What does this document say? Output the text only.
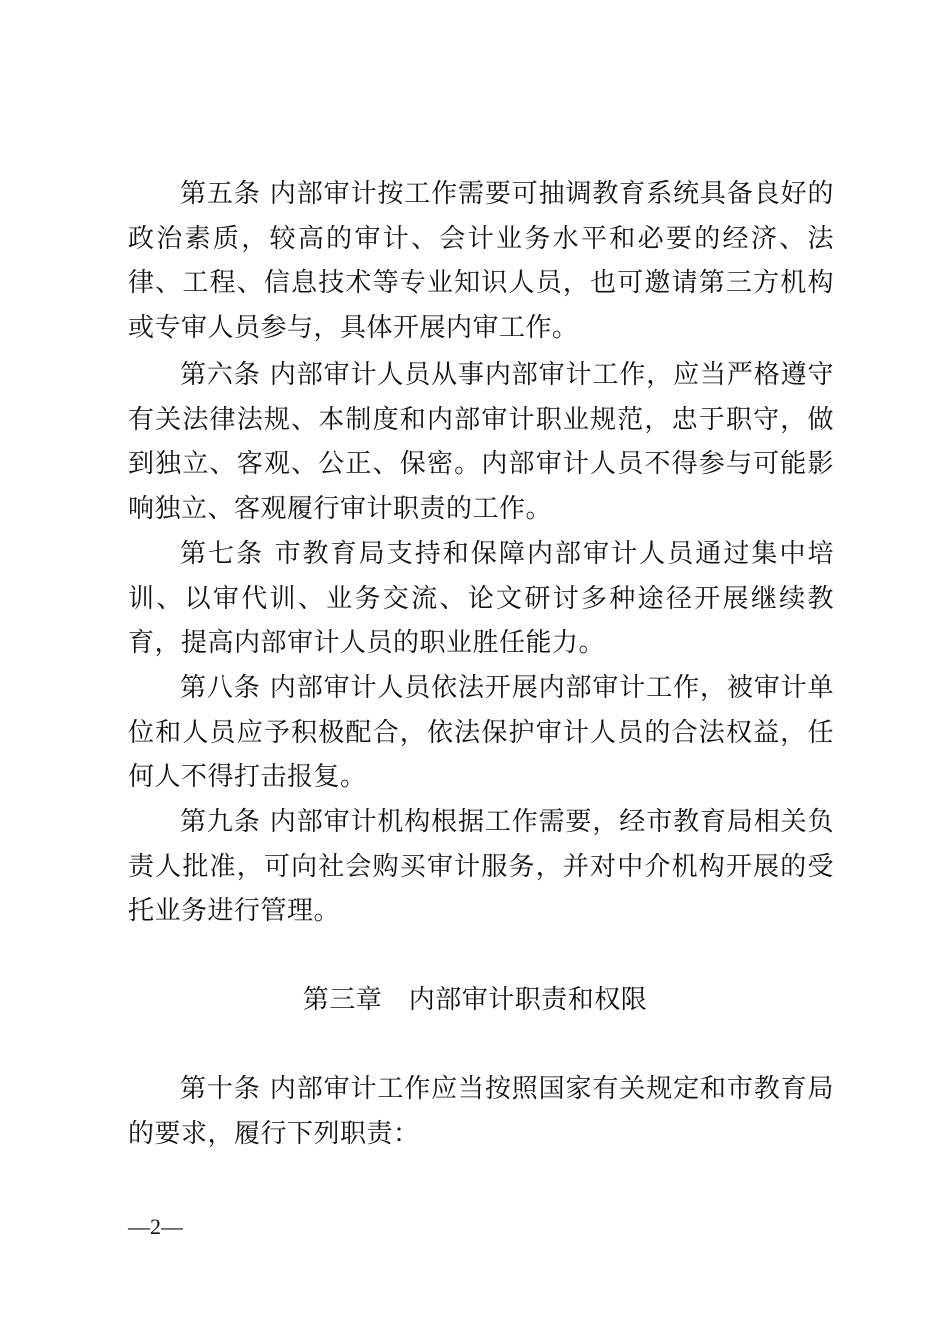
第五条 内部审计按工作需要可抽调教育系统具备良好的政治素质，较高的审计、会计业务水平和必要的经济、法律、工程、信息技术等专业知识人员，也可邀请第三方机构或专审人员参与，具体开展内审工作。

第六条 内部审计人员从事内部审计工作，应当严格遵守有关法律法规、本制度和内部审计职业规范，忠于职守，做到独立、客观、公正、保密。内部审计人员不得参与可能影响独立、客观履行审计职责的工作。

第七条 市教育局支持和保障内部审计人员通过集中培训、以审代训、业务交流、论文研讨多种途径开展继续教育，提高内部审计人员的职业胜任能力。

第八条 内部审计人员依法开展内部审计工作，被审计单位和人员应予积极配合，依法保护审计人员的合法权益，任何人不得打击报复。

第九条 内部审计机构根据工作需要，经市教育局相关负责人批准，可向社会购买审计服务，并对中介机构开展的受托业务进行管理。

第三章　内部审计职责和权限

第十条 内部审计工作应当按照国家有关规定和市教育局的要求，履行下列职责：

—2—
